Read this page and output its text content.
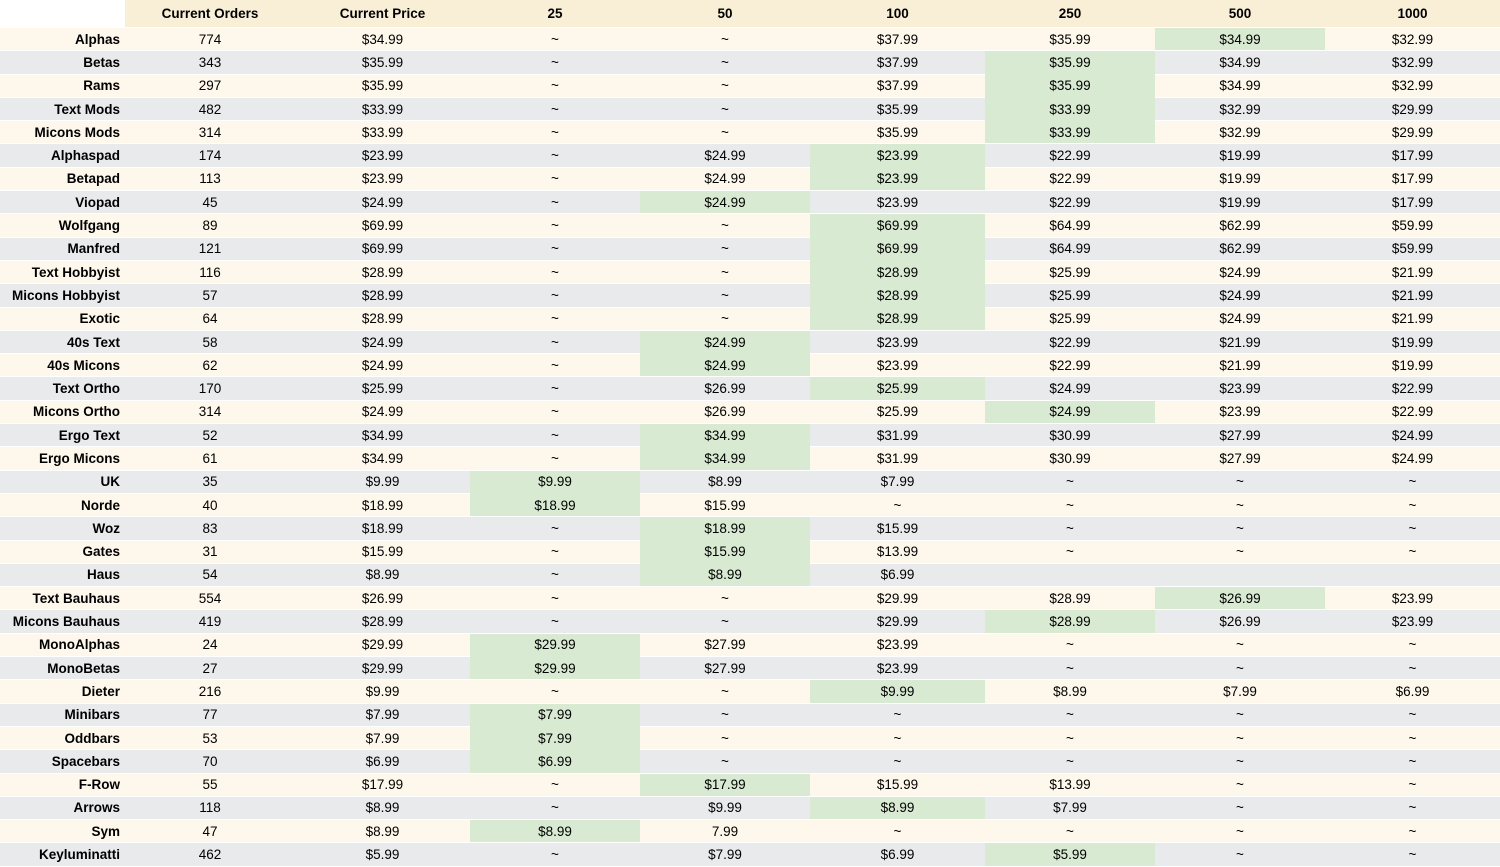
	Current Orders	Current Price	25	50	100	250	500	1000
Alphas	774	$34.99	~	~	$37.99	$35.99	$34.99	$32.99
Betas	343	$35.99	~	~	$37.99	$35.99	$34.99	$32.99
Rams	297	$35.99	~	~	$37.99	$35.99	$34.99	$32.99
Text Mods	482	$33.99	~	~	$35.99	$33.99	$32.99	$29.99
Micons Mods	314	$33.99	~	~	$35.99	$33.99	$32.99	$29.99
Alphaspad	174	$23.99	~	$24.99	$23.99	$22.99	$19.99	$17.99
Betapad	113	$23.99	~	$24.99	$23.99	$22.99	$19.99	$17.99
Viopad	45	$24.99	~	$24.99	$23.99	$22.99	$19.99	$17.99
Wolfgang	89	$69.99	~	~	$69.99	$64.99	$62.99	$59.99
Manfred	121	$69.99	~	~	$69.99	$64.99	$62.99	$59.99
Text Hobbyist	116	$28.99	~	~	$28.99	$25.99	$24.99	$21.99
Micons Hobbyist	57	$28.99	~	~	$28.99	$25.99	$24.99	$21.99
Exotic	64	$28.99	~	~	$28.99	$25.99	$24.99	$21.99
40s Text	58	$24.99	~	$24.99	$23.99	$22.99	$21.99	$19.99
40s Micons	62	$24.99	~	$24.99	$23.99	$22.99	$21.99	$19.99
Text Ortho	170	$25.99	~	$26.99	$25.99	$24.99	$23.99	$22.99
Micons Ortho	314	$24.99	~	$26.99	$25.99	$24.99	$23.99	$22.99
Ergo Text	52	$34.99	~	$34.99	$31.99	$30.99	$27.99	$24.99
Ergo Micons	61	$34.99	~	$34.99	$31.99	$30.99	$27.99	$24.99
UK	35	$9.99	$9.99	$8.99	$7.99	~	~	~
Norde	40	$18.99	$18.99	$15.99	~	~	~	~
Woz	83	$18.99	~	$18.99	$15.99	~	~	~
Gates	31	$15.99	~	$15.99	$13.99	~	~	~
Haus	54	$8.99	~	$8.99	$6.99			
Text Bauhaus	554	$26.99	~	~	$29.99	$28.99	$26.99	$23.99
Micons Bauhaus	419	$28.99	~	~	$29.99	$28.99	$26.99	$23.99
MonoAlphas	24	$29.99	$29.99	$27.99	$23.99	~	~	~
MonoBetas	27	$29.99	$29.99	$27.99	$23.99	~	~	~
Dieter	216	$9.99	~	~	$9.99	$8.99	$7.99	$6.99
Minibars	77	$7.99	$7.99	~	~	~	~	~
Oddbars	53	$7.99	$7.99	~	~	~	~	~
Spacebars	70	$6.99	$6.99	~	~	~	~	~
F-Row	55	$17.99	~	$17.99	$15.99	$13.99	~	~
Arrows	118	$8.99	~	$9.99	$8.99	$7.99	~	~
Sym	47	$8.99	$8.99	7.99	~	~	~	~
Keyluminatti	462	$5.99	~	$7.99	$6.99	$5.99	~	~
